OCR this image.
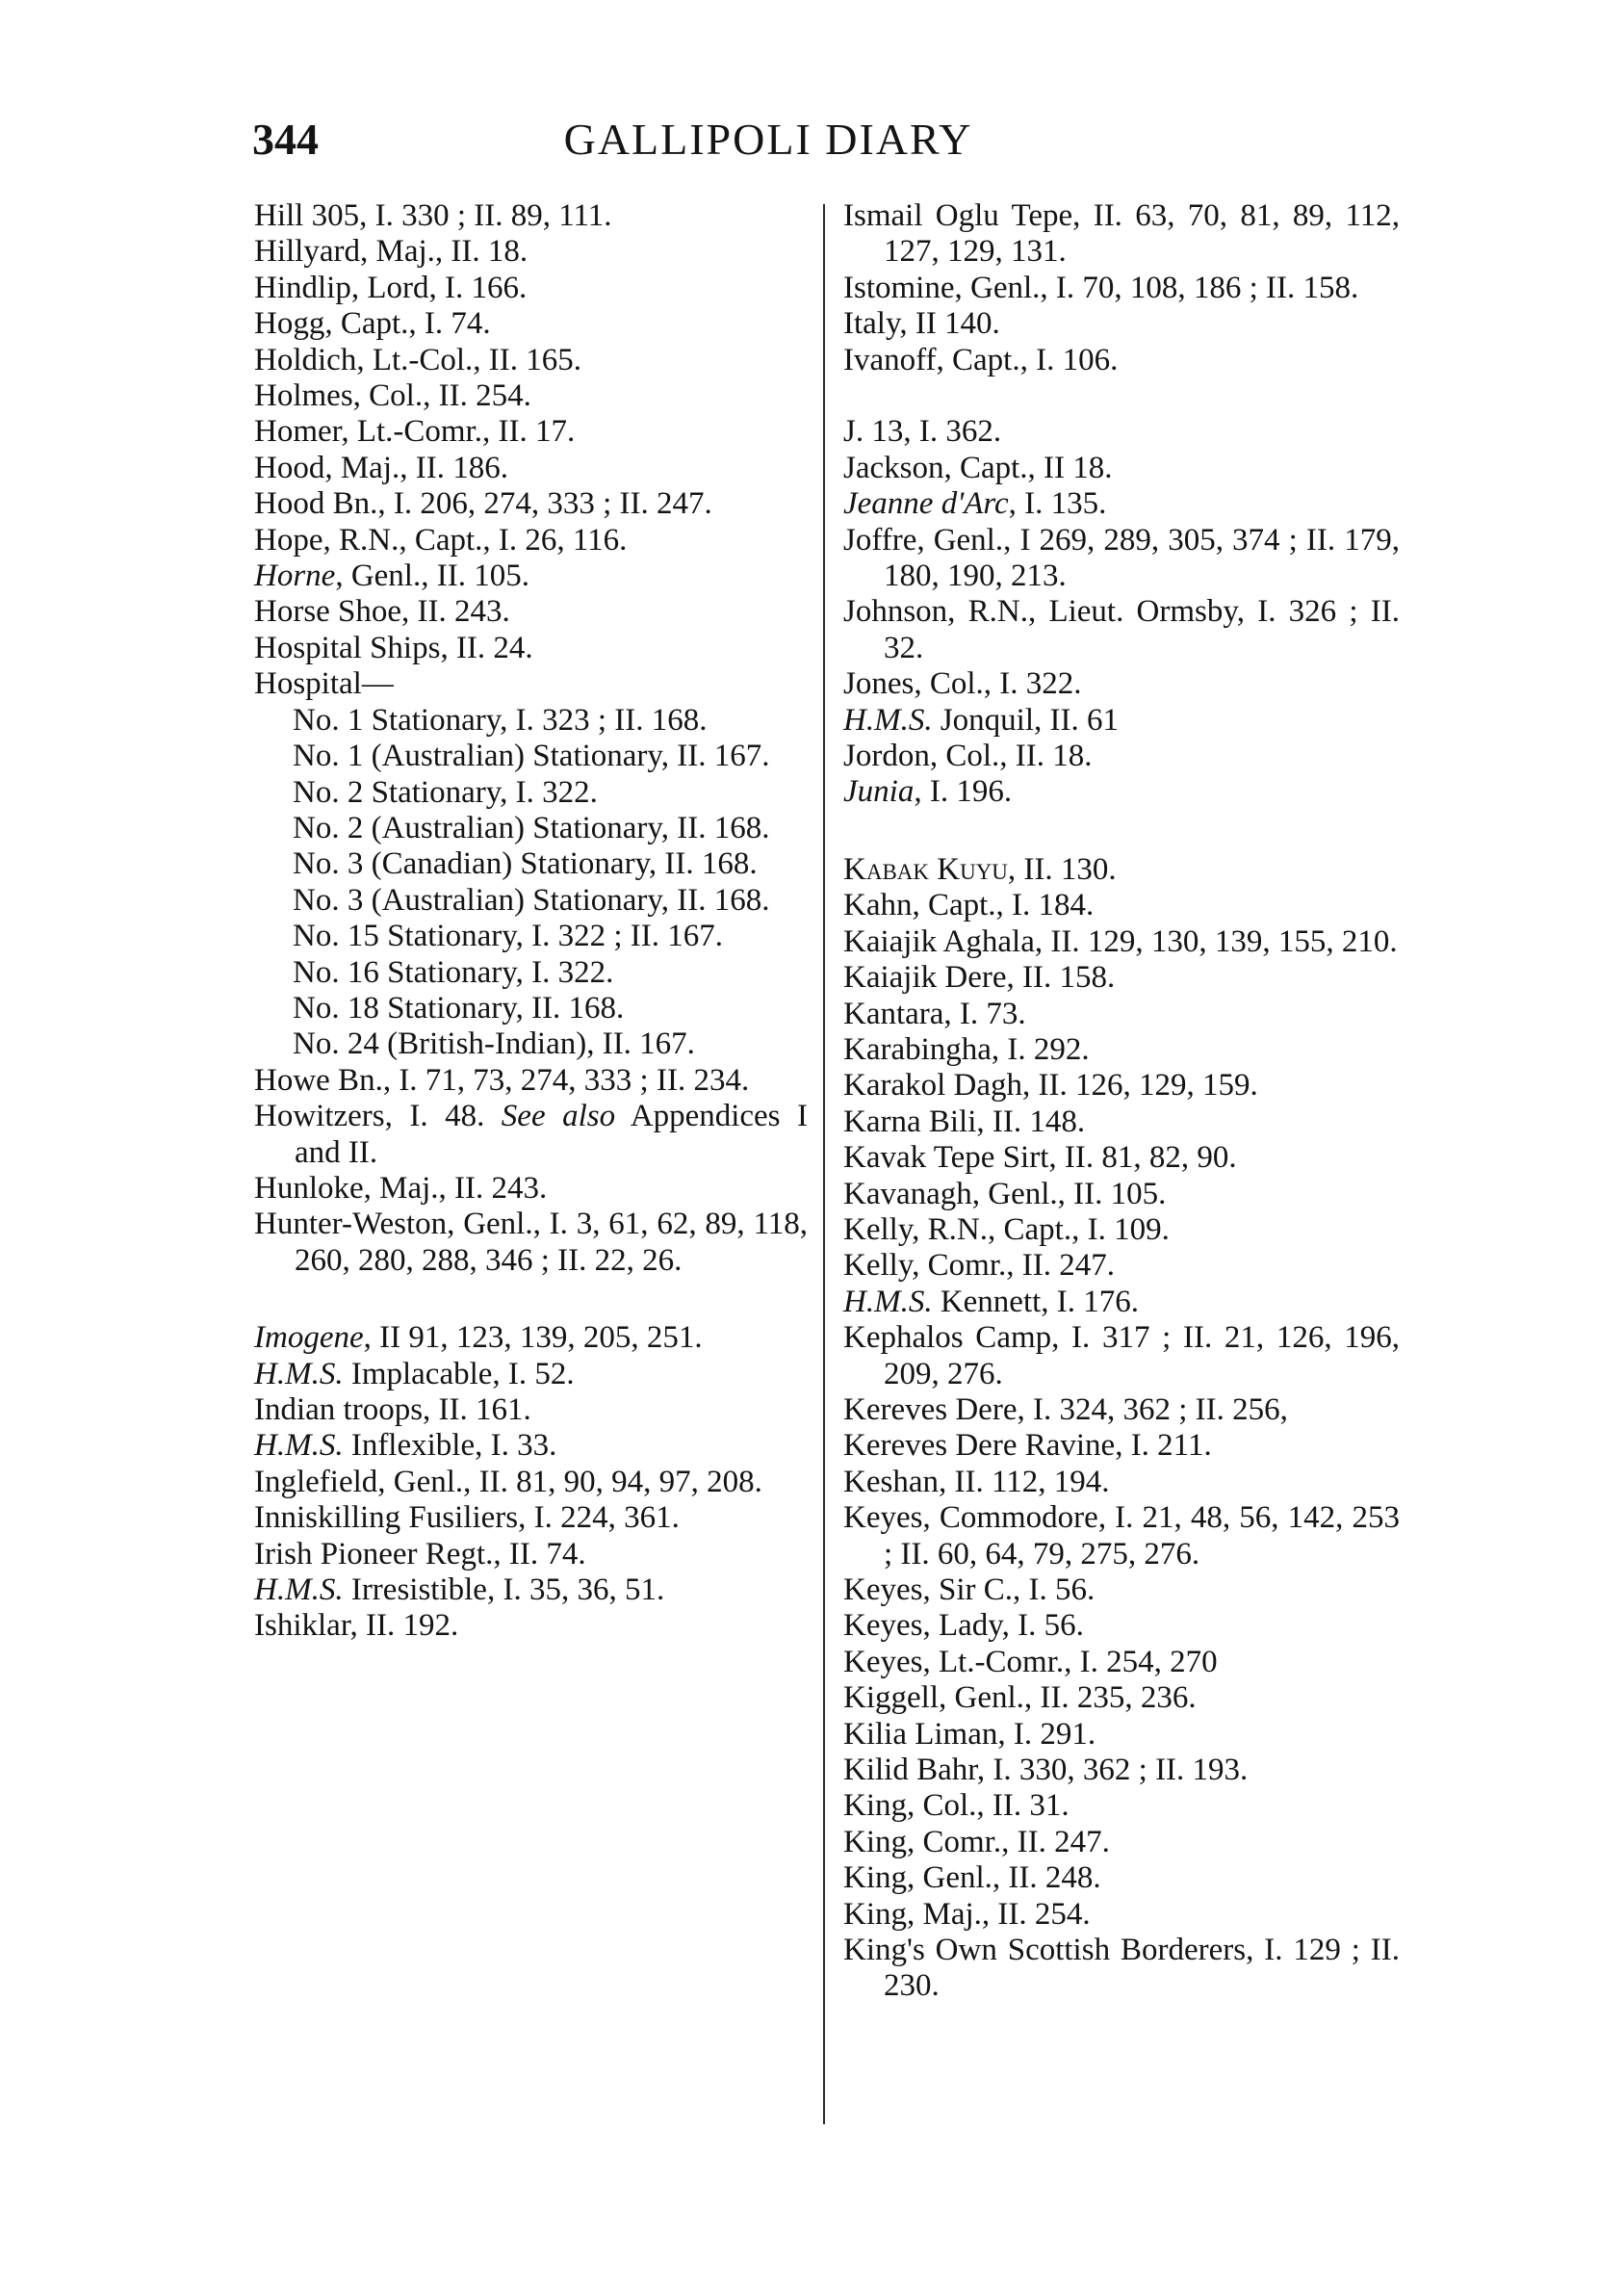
344	GALLIPOLI DIARY
Hill 305, I. 330 ; II. 89, 111.
Hillyard, Maj., II. 18.
Hindlip, Lord, I. 166.
Hogg, Capt., I. 74.
Holdich, Lt.-Col., II. 165.
Holmes, Col., II. 254.
Homer, Lt.-Comr., II. 17.
Hood, Maj., II. 186.
Hood Bn., I. 206, 274, 333 ; II. 247.
Hope, R.N., Capt., I. 26, 116.
Horne, Genl., II. 105.
Horse Shoe, II. 243.
Hospital Ships, II. 24.
Hospital—
No. 1 Stationary, I. 323 ; II. 168.
No. 1 (Australian) Stationary, II. 167.
No. 2 Stationary, I. 322.
No. 2 (Australian) Stationary, II. 168.
No. 3 (Canadian) Stationary, II. 168.
No. 3 (Australian) Stationary, II. 168.
No. 15 Stationary, I. 322 ; II. 167.
No. 16 Stationary, I. 322.
No. 18 Stationary, II. 168.
No. 24 (British-Indian), II. 167.
Howe Bn., I. 71, 73, 274, 333 ; II. 234.
Howitzers, I. 48. See also Appendices I and II.
Hunloke, Maj., II. 243.
Hunter-Weston, Genl., I. 3, 61, 62, 89, 118, 260, 280, 288, 346 ; II. 22, 26.
Imogene, II 91, 123, 139, 205, 251.
H.M.S. Implacable, I. 52.
Indian troops, II. 161.
H.M.S. Inflexible, I. 33.
Inglefield, Genl., II. 81, 90, 94, 97, 208.
Inniskilling Fusiliers, I. 224, 361.
Irish Pioneer Regt., II. 74.
H.M.S. Irresistible, I. 35, 36, 51.
Ishiklar, II. 192.
Ismail Oglu Tepe, II. 63, 70, 81, 89, 112, 127, 129, 131.
Istomine, Genl., I. 70, 108, 186 ; II. 158.
Italy, II 140.
Ivanoff, Capt., I. 106.
J. 13, I. 362.
Jackson, Capt., II 18.
Jeanne d'Arc, I. 135.
Joffre, Genl., I 269, 289, 305, 374 ; II. 179, 180, 190, 213.
Johnson, R.N., Lieut. Ormsby, I. 326 ; II. 32.
Jones, Col., I. 322.
H.M.S. Jonquil, II. 61
Jordon, Col., II. 18.
Junia, I. 196.
Kabak Kuyu, II. 130.
Kahn, Capt., I. 184.
Kaiajik Aghala, II. 129, 130, 139, 155, 210.
Kaiajik Dere, II. 158.
Kantara, I. 73.
Karabingha, I. 292.
Karakol Dagh, II. 126, 129, 159.
Karna Bili, II. 148.
Kavak Tepe Sirt, II. 81, 82, 90.
Kavanagh, Genl., II. 105.
Kelly, R.N., Capt., I. 109.
Kelly, Comr., II. 247.
H.M.S. Kennett, I. 176.
Kephalos Camp, I. 317 ; II. 21, 126, 196, 209, 276.
Kereves Dere, I. 324, 362 ; II. 256,
Kereves Dere Ravine, I. 211.
Keshan, II. 112, 194.
Keyes, Commodore, I. 21, 48, 56, 142, 253 ; II. 60, 64, 79, 275, 276.
Keyes, Sir C., I. 56.
Keyes, Lady, I. 56.
Keyes, Lt.-Comr., I. 254, 270
Kiggell, Genl., II. 235, 236.
Kilia Liman, I. 291.
Kilid Bahr, I. 330, 362 ; II. 193.
King, Col., II. 31.
King, Comr., II. 247.
King, Genl., II. 248.
King, Maj., II. 254.
King's Own Scottish Borderers, I. 129 ; II. 230.
